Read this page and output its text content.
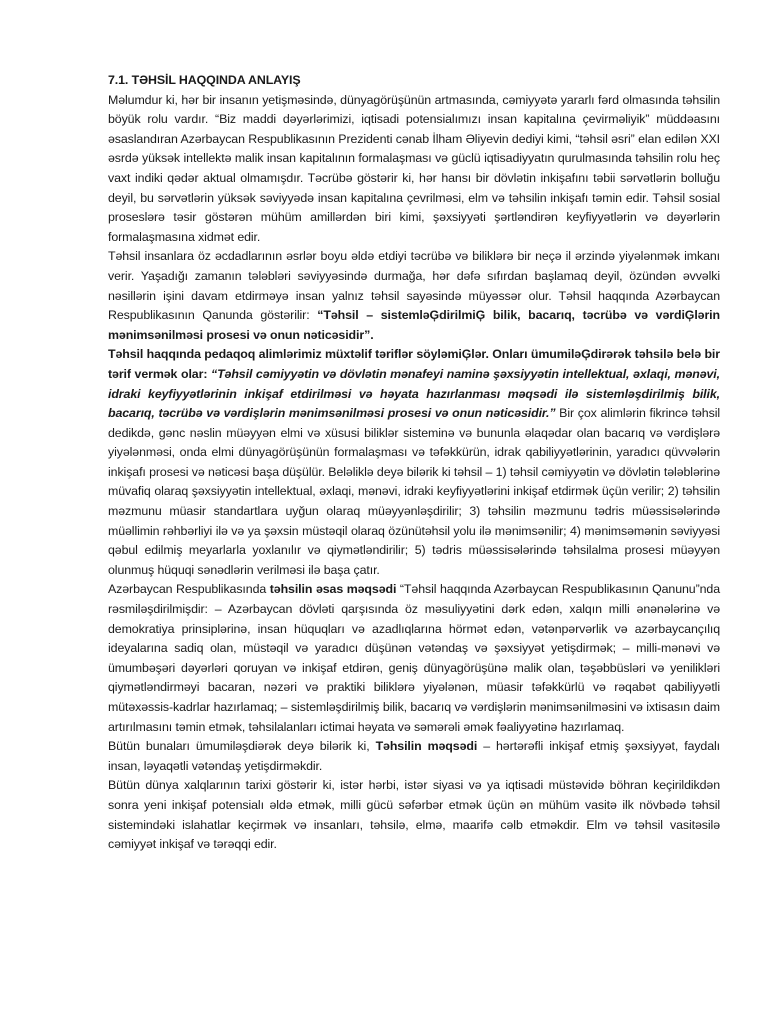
7.1. TƏHSİL HAQQINDA ANLAYIŞ

Məlumdur ki, hər bir insanın yetişməsində, dünyagörüşünün artmasında, cəmiyyətə yararlı fərd olmasında təhsilin böyük rolu vardır. “Biz maddi dəyərlərimizi, iqtisadi potensialımızı insan kapitalına çevirməliyik” müddəasını əsaslandıran Azərbaycan Respublikasının Prezidenti cənab İlham Əliyevin dediyi kimi, “təhsil əsri” elan edilən XXI əsrdə yüksək intellektə malik insan kapitalının formalaşması və güclü iqtisadiyyatın qurulmasında təhsilin rolu heç vaxt indiki qədər aktual olmamışdır. Təcrübə göstərir ki, hər hansı bir dövlətin inkişafını təbii sərvətlərin bolluğu deyil, bu sərvətlərin yüksək səviyyədə insan kapitalına çevrilməsi, elm və təhsilin inkişafı təmin edir. Təhsil sosial proseslərə təsir göstərən mühüm amillərdən biri kimi, şəxsiyyəti şərtləndirən keyfiyyətlərin və dəyərlərin formalaşmasına xidmət edir.

Təhsil insanlara öz əcdadlarının əsrlər boyu əldə etdiyi təcrübə və biliklərə bir neçə il ərzində yiyələnmək imkanı verir. Yaşadığı zamanın tələbləri səviyyəsində durmağa, hər dəfə sıfırdan başlamaq deyil, özündən əvvəlki nəsillərin işini davam etdirməyə insan yalnız təhsil sayəsində müyəssər olur. Təhsil haqqında Azərbaycan Respublikasının Qanunda göstərilir: “Təhsil – sistemləĢdirilmiĢ bilik, bacarıq, təcrübə və vərdiĢlərin mənimsənilməsi prosesi və onun nəticəsidir”.

Təhsil haqqında pedaqoq alimlərimiz müxtəlif təriflər söyləmiĢlər. Onları ümumiləĢdirərək təhsilə belə bir tərif vermək olar: “Təhsil cəmiyyətin və dövlətin mənafeyi naminə şəxsiyyətin intellektual, əxlaqi, mənəvi, idraki keyfiyyətlərinin inkişaf etdirilməsi və həyata hazırlanması məqsədi ilə sistemləşdirilmiş bilik, bacarıq, təcrübə və vərdişlərin mənimsənilməsi prosesi və onun nəticəsidir.” Bir çox alimlərin fikrincə təhsil dedikdə, gənc nəslin müəyyən elmi və xüsusi biliklər sisteminə və bununla əlaqədar olan bacarıq və vərdişlərə yiyələnməsi, onda elmi dünyagörüşünün formalaşması və təfəkkürün, idrak qabiliyyətlərinin, yaradıcı qüvvələrin inkişafı prosesi və nəticəsi başa düşülür. Beləliklə deyə bilərik ki təhsil – 1) təhsil cəmiyyətin və dövlətin tələblərinə müvafiq olaraq şəxsiyyətin intellektual, əxlaqi, mənəvi, idraki keyfiyyətlərini inkişaf etdirmək üçün verilir; 2) təhsilin məzmunu müasir standartlara uyğun olaraq müəyyənləşdirilir; 3) təhsilin məzmunu tədris müəssisələrində müəllimin rəhbərliyi ilə və ya şəxsin müstəqil olaraq özünütəhsil yolu ilə mənimsənilir; 4) mənimsəmənin səviyyəsi qəbul edilmiş meyarlarla yoxlanılır və qiymətləndirilir; 5) tədris müəssisələrində təhsilalma prosesi müəyyən olunmuş hüquqi sənədlərin verilməsi ilə başa çatır.

Azərbaycan Respublikasında təhsilin əsas məqsədi “Təhsil haqqında Azərbaycan Respublikasının Qanunu”nda rəsmiləşdirilmişdir: – Azərbaycan dövləti qarşısında öz məsuliyyətini dərk edən, xalqın milli ənənələrinə və demokratiya prinsiplərinə, insan hüquqları və azadlıqlarına hörmət edən, vətənpərvərlik və azərbaycançılıq ideyalarına sadiq olan, müstəqil və yaradıcı düşünən vətəndaş və şəxsiyyət yetişdirmək; – milli-mənəvi və ümumbəşəri dəyərləri qoruyan və inkişaf etdirən, geniş dünyagörüşünə malik olan, təşəbbüsləri və yenilikləri qiymətləndirməyi bacaran, nəzəri və praktiki biliklərə yiyələnən, müasir təfəkkürlü və rəqabət qabiliyyətli mütəxəssis-kadrlar hazırlamaq; – sistemləşdirilmiş bilik, bacarıq və vərdişlərin mənimsənilməsini və ixtisasın daim artırılmasını təmin etmək, təhsilalanları ictimai həyata və səmərəli əmək fəaliyyətinə hazırlamaq.

Bütün bunaları ümumiləşdiərək deyə bilərik ki, Təhsilin məqsədi – hərtərəfli inkişaf etmiş şəxsiyyət, faydalı insan, ləyaqətli vətəndaş yetişdirməkdir.

Bütün dünya xalqlarının tarixi göstərir ki, istər hərbi, istər siyasi və ya iqtisadi müstəvidə böhran keçirildikdən sonra yeni inkişaf potensialı əldə etmək, milli gücü səfərbər etmək üçün ən mühüm vasitə ilk növbədə təhsil sistemindəki islahatlar keçirmək və insanları, təhsilə, elmə, maarifə cəlb etməkdir. Elm və təhsil vasitəsilə cəmiyyət inkişaf və tərəqqi edir.
